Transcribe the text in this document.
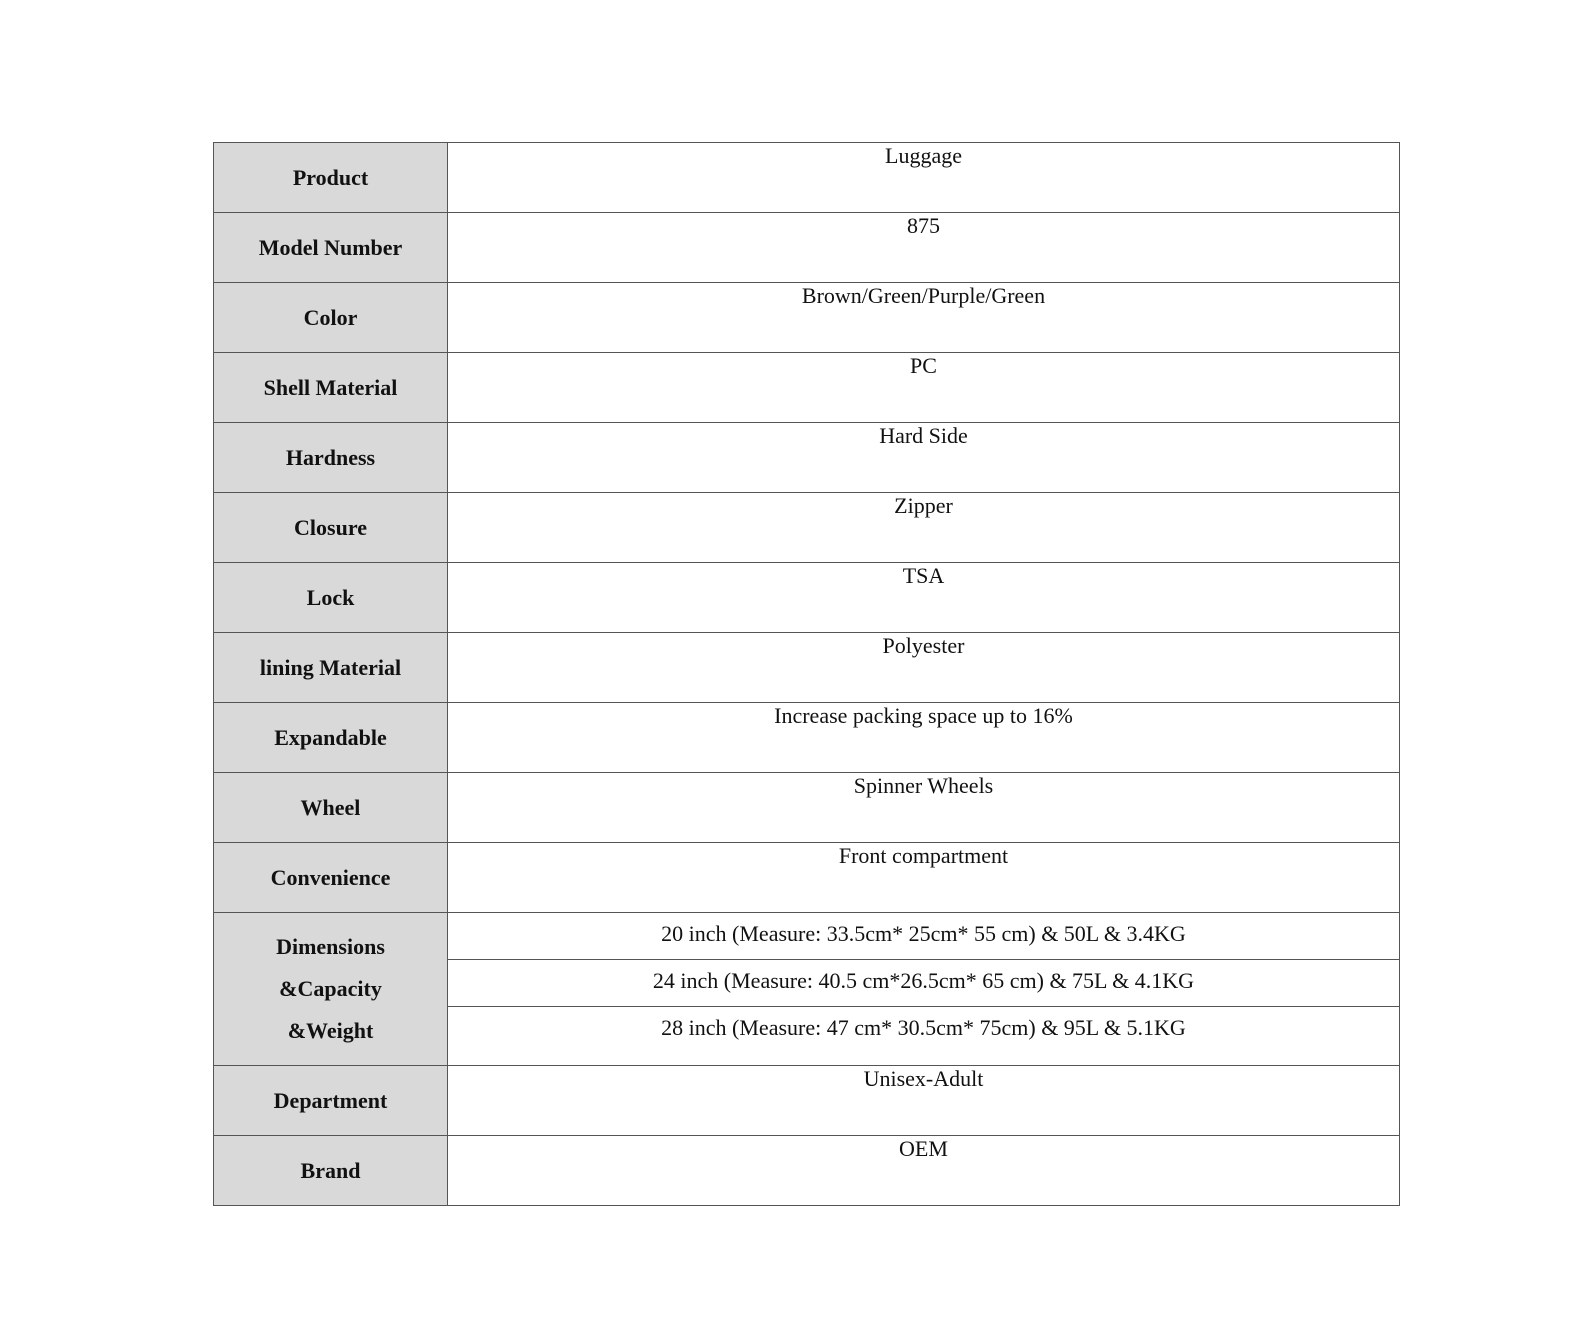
Product	Luggage
Model Number	875
Color	Brown/Green/Purple/Green
Shell Material	PC
Hardness	Hard Side
Closure	Zipper
Lock	TSA
lining Material	Polyester
Expandable	Increase packing space up to 16%
Wheel	Spinner Wheels
Convenience	Front compartment

Dimensions
&Capacity
&Weight	20 inch (Measure: 33.5cm* 25cm* 55 cm) & 50L & 3.4KG
	24 inch (Measure: 40.5 cm*26.5cm* 65 cm) & 75L & 4.1KG
	28 inch (Measure: 47 cm* 30.5cm* 75cm) & 95L & 5.1KG
Department	Unisex-Adult
Brand	OEM
